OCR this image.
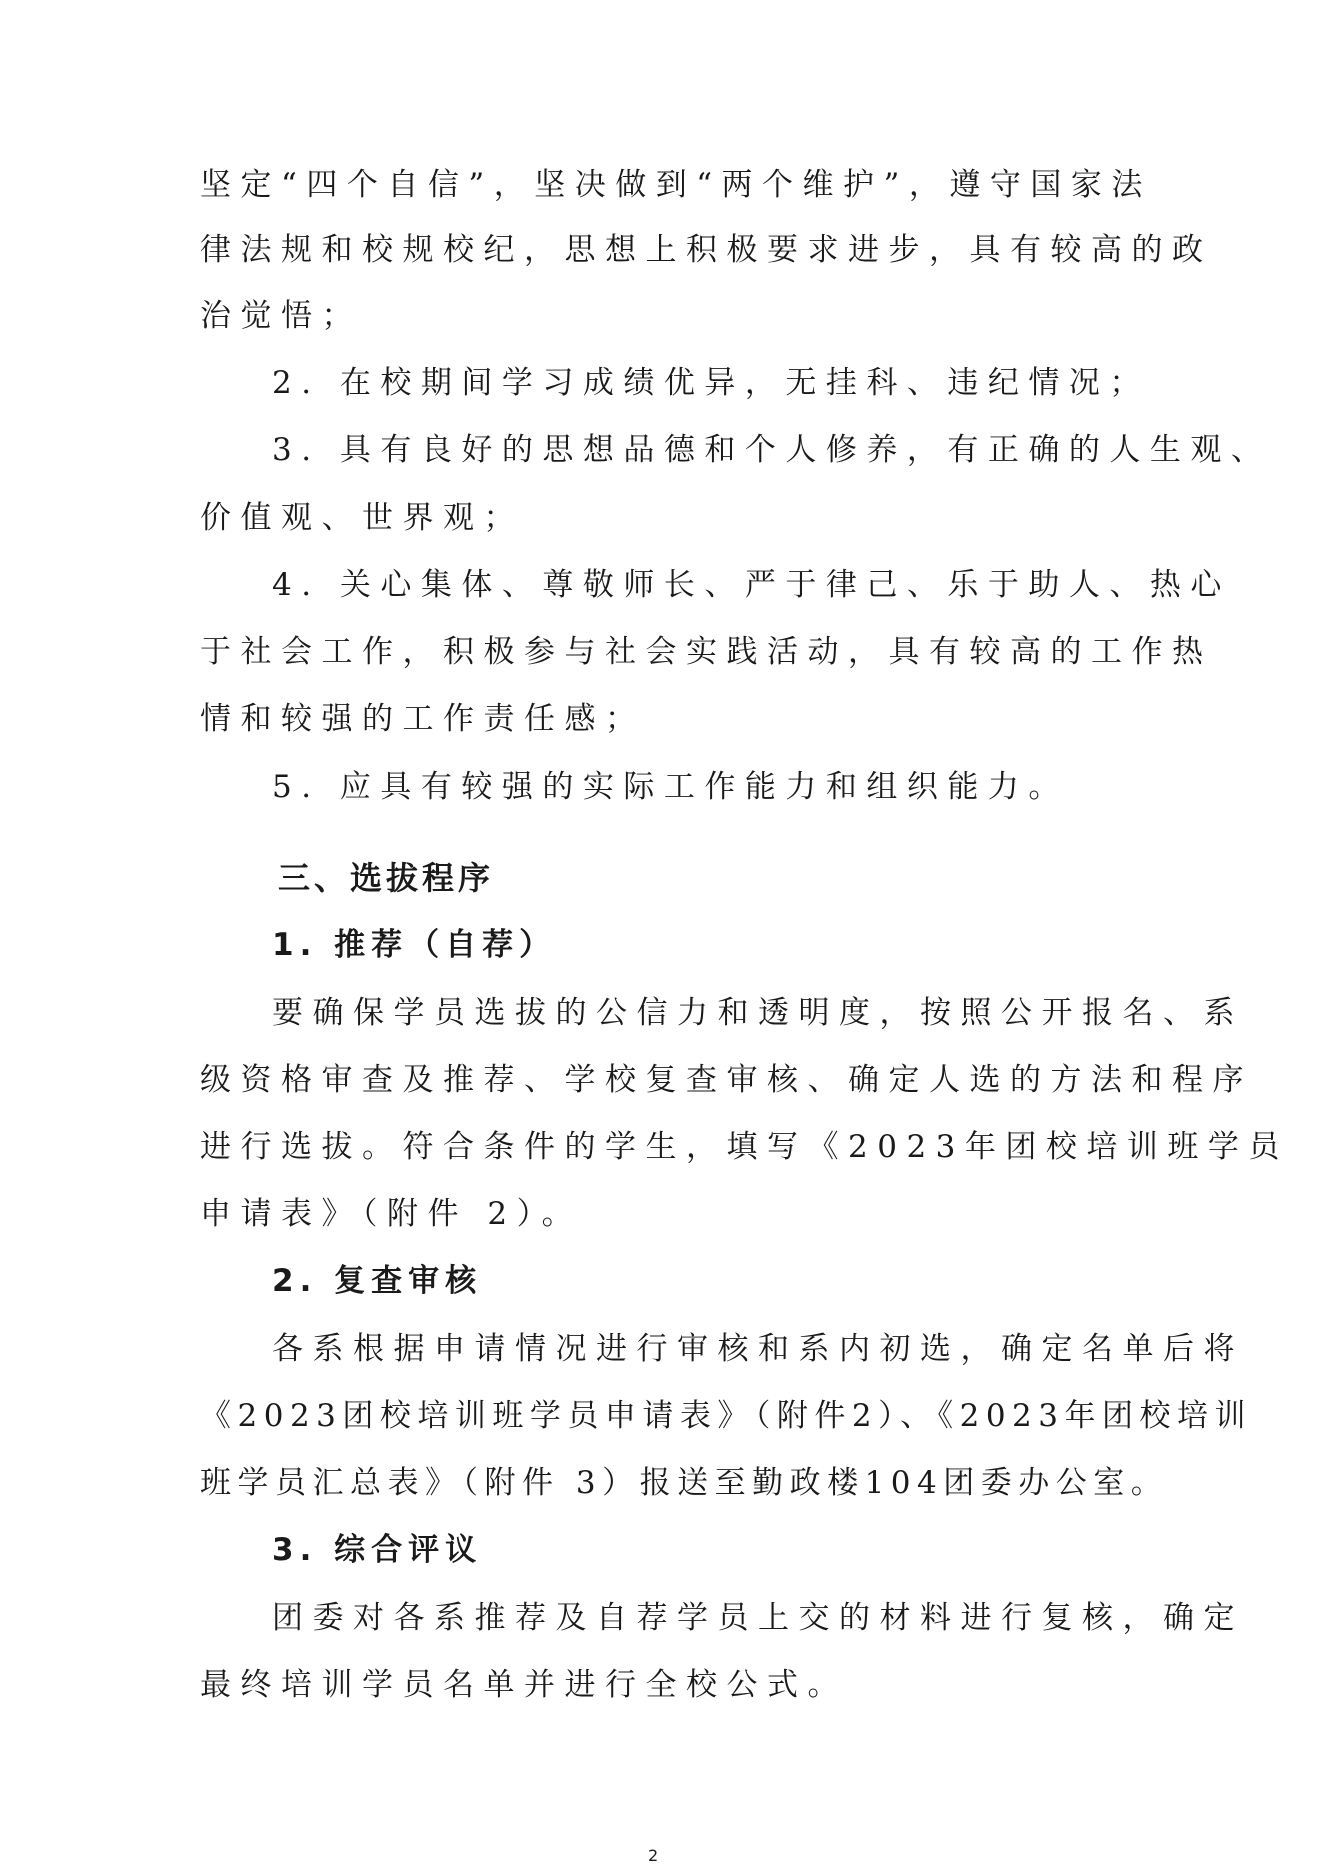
坚定“四个自信”，坚决做到“两个维护”，遵守国家法
律法规和校规校纪，思想上积极要求进步，具有较高的政
治觉悟；
2. 在校期间学习成绩优异，无挂科、违纪情况；
3. 具有良好的思想品德和个人修养，有正确的人生观、
价值观、世界观；
4. 关心集体、尊敬师长、严于律己、乐于助人、热心
于社会工作，积极参与社会实践活动，具有较高的工作热
情和较强的工作责任感；
5. 应具有较强的实际工作能力和组织能力。
三、选拔程序
1. 推荐（自荐）
要确保学员选拔的公信力和透明度，按照公开报名、系
级资格审查及推荐、学校复查审核、确定人选的方法和程序
进行选拔。符合条件的学生，填写《2023年团校培训班学员
申请表》（附件 2）。
2. 复查审核
各系根据申请情况进行审核和系内初选，确定名单后将
《2023团校培训班学员申请表》（附件2）、《2023年团校培训
班学员汇总表》（附件 3）报送至勤政楼104团委办公室。
3. 综合评议
团委对各系推荐及自荐学员上交的材料进行复核，确定
最终培训学员名单并进行全校公式。
2
